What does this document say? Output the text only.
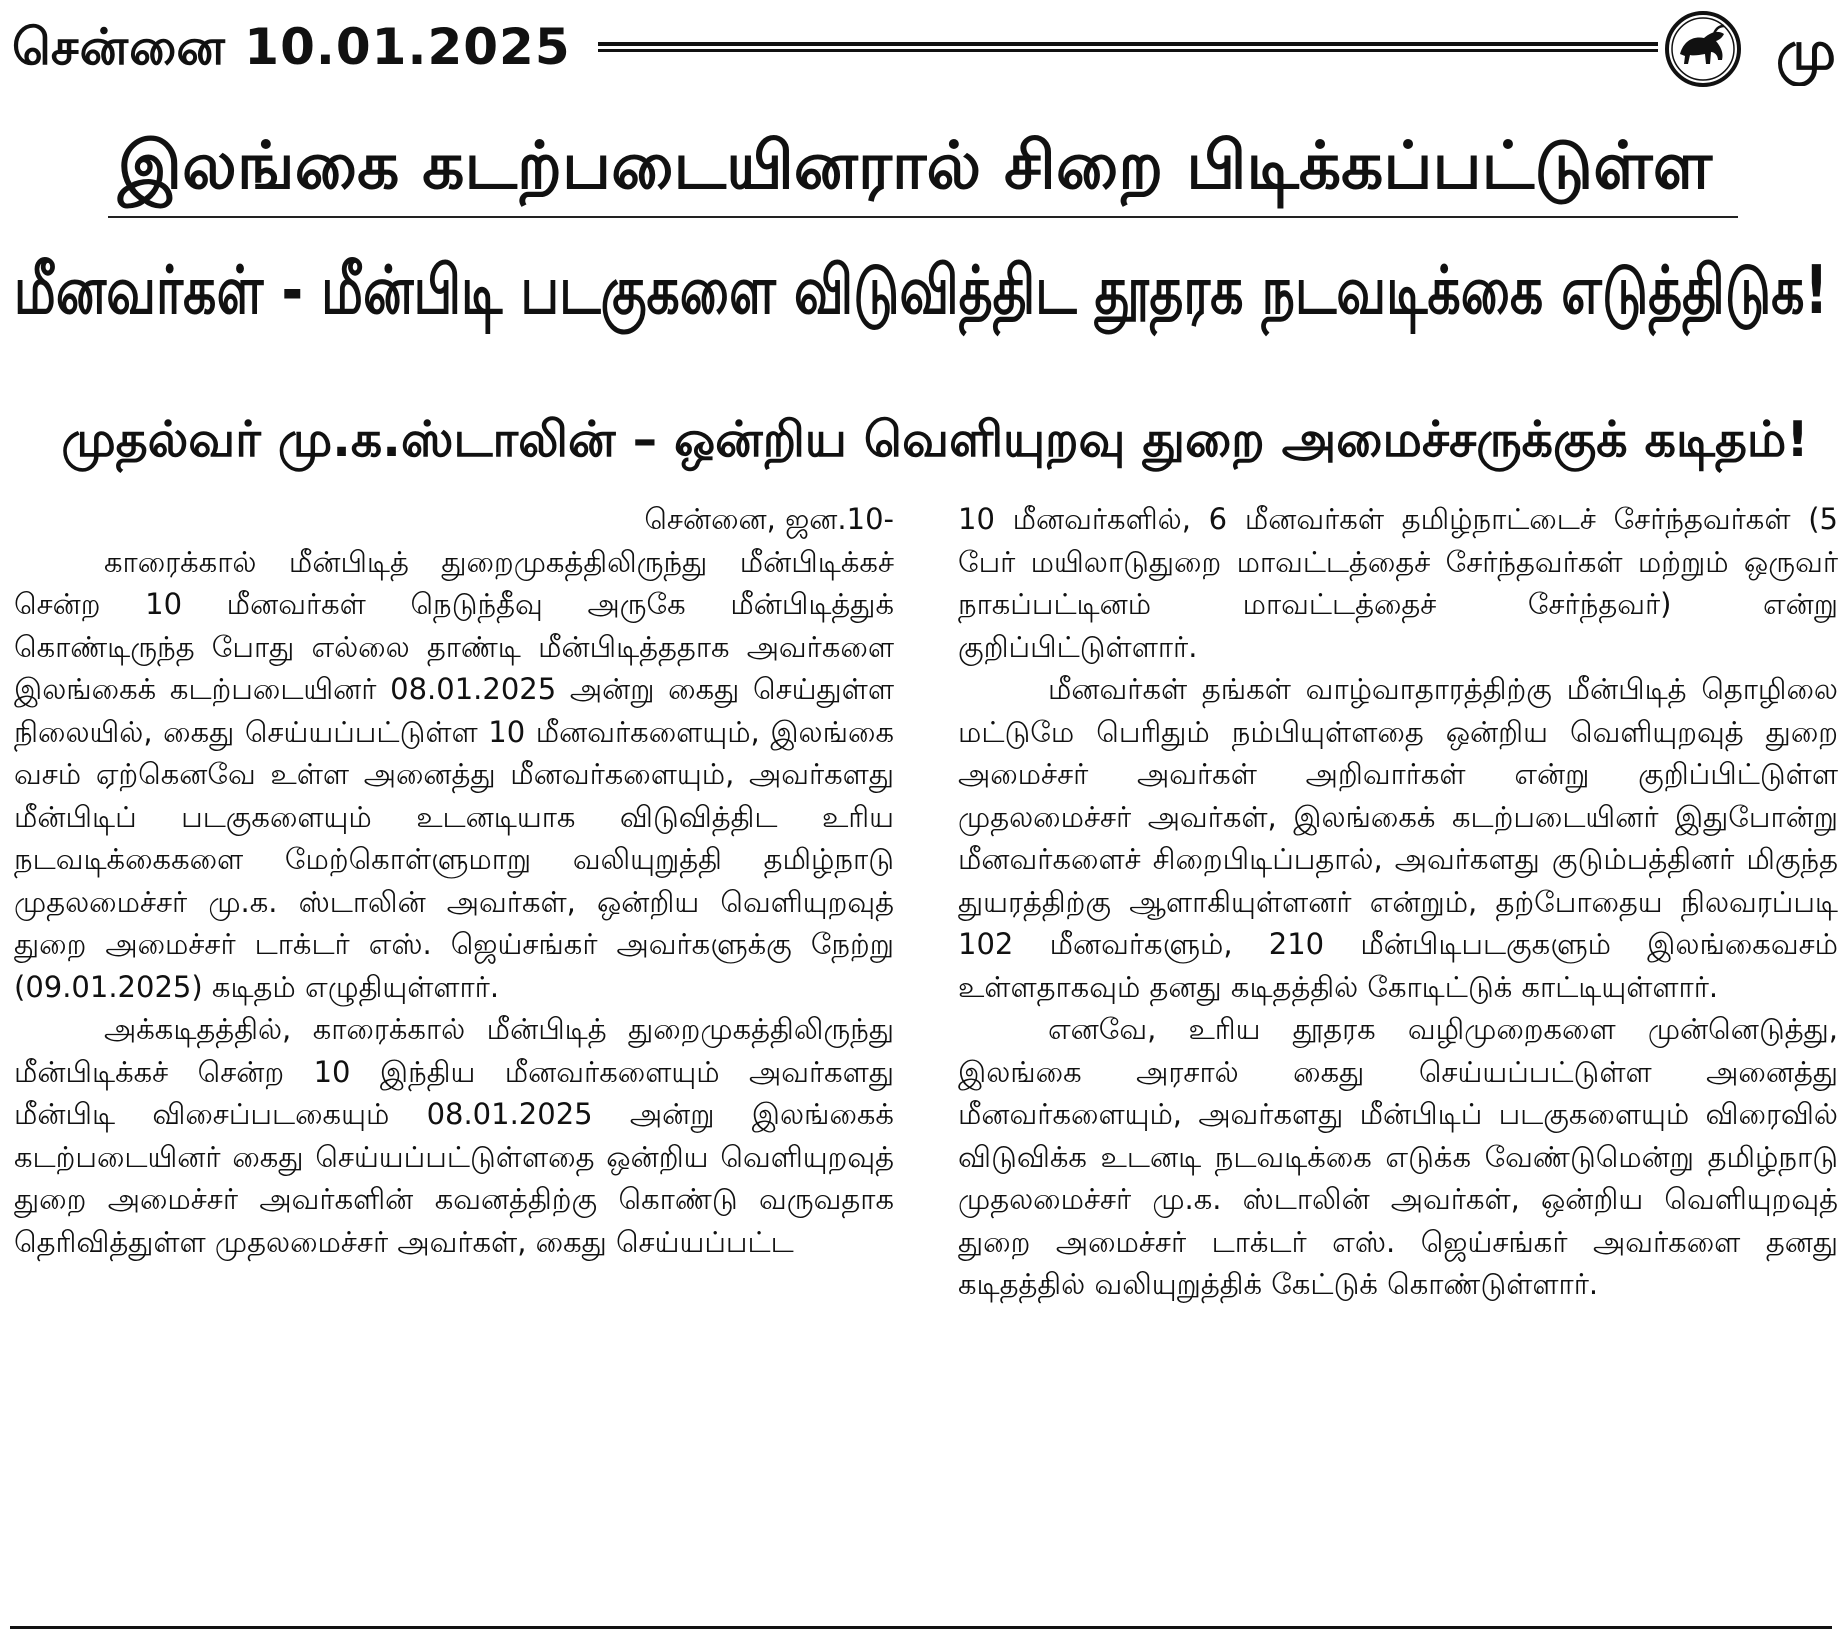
சென்னை 10.01.2025	மு
இலங்கை கடற்படையினரால் சிறை பிடிக்கப்பட்டுள்ள
மீனவர்கள் - மீன்பிடி படகுகளை விடுவித்திட தூதரக நடவடிக்கை எடுத்திடுக!
முதல்வர் மு.க.ஸ்டாலின் – ஒன்றிய வெளியுறவு துறை அமைச்சருக்குக் கடிதம்!

சென்னை, ஜன.10-

காரைக்கால் மீன்பிடித் துறைமுகத்திலிருந்து மீன்பிடிக்கச் சென்ற 10 மீனவர்கள் நெடுந்தீவு அருகே மீன்பிடித்துக் கொண்டிருந்த போது எல்லை தாண்டி மீன்பிடித்ததாக அவர்களை இலங்கைக் கடற்படையினர் 08.01.2025 அன்று கைது செய்துள்ள நிலையில், கைது செய்யப்பட்டுள்ள 10 மீனவர்களையும், இலங்கை வசம் ஏற்கெனவே உள்ள அனைத்து மீனவர்களையும், அவர்களது மீன்பிடிப் படகுகளையும் உடனடியாக விடுவித்திட உரிய நடவடிக்கைகளை மேற்கொள்ளுமாறு வலியுறுத்தி தமிழ்நாடு முதலமைச்சர் மு.க. ஸ்டாலின் அவர்கள், ஒன்றிய வெளியுறவுத் துறை அமைச்சர் டாக்டர் எஸ். ஜெய்சங்கர் அவர்களுக்கு நேற்று (09.01.2025) கடிதம் எழுதியுள்ளார்.

அக்கடிதத்தில், காரைக்கால் மீன்பிடித் துறைமுகத்திலிருந்து மீன்பிடிக்கச் சென்ற 10 இந்திய மீனவர்களையும் அவர்களது மீன்பிடி விசைப்படகையும் 08.01.2025 அன்று இலங்கைக் கடற்படையினர் கைது செய்யப்பட்டுள்ளதை ஒன்றிய வெளியுறவுத் துறை அமைச்சர் அவர்களின் கவனத்திற்கு கொண்டு வருவதாக தெரிவித்துள்ள முதலமைச்சர் அவர்கள், கைது செய்யப்பட்ட

10 மீனவர்களில், 6 மீனவர்கள் தமிழ்நாட்டைச் சேர்ந்தவர்கள் (5 பேர் மயிலாடுதுறை மாவட்டத்தைச் சேர்ந்தவர்கள் மற்றும் ஒருவர் நாகப்பட்டினம் மாவட்டத்தைச் சேர்ந்தவர்) என்று குறிப்பிட்டுள்ளார்.

மீனவர்கள் தங்கள் வாழ்வாதாரத்திற்கு மீன்பிடித் தொழிலை மட்டுமே பெரிதும் நம்பியுள்ளதை ஒன்றிய வெளியுறவுத் துறை அமைச்சர் அவர்கள் அறிவார்கள் என்று குறிப்பிட்டுள்ள முதலமைச்சர் அவர்கள், இலங்கைக் கடற்படையினர் இதுபோன்று மீனவர்களைச் சிறைபிடிப்பதால், அவர்களது குடும்பத்தினர் மிகுந்த துயரத்திற்கு ஆளாகியுள்ளனர் என்றும், தற்போதைய நிலவரப்படி 102 மீனவர்களும், 210 மீன்பிடிபடகுகளும் இலங்கைவசம் உள்ளதாகவும் தனது கடிதத்தில் கோடிட்டுக் காட்டியுள்ளார்.

எனவே, உரிய தூதரக வழிமுறைகளை முன்னெடுத்து, இலங்கை அரசால் கைது செய்யப்பட்டுள்ள அனைத்து மீனவர்களையும், அவர்களது மீன்பிடிப் படகுகளையும் விரைவில் விடுவிக்க உடனடி நடவடிக்கை எடுக்க வேண்டுமென்று தமிழ்நாடு முதலமைச்சர் மு.க. ஸ்டாலின் அவர்கள், ஒன்றிய வெளியுறவுத் துறை அமைச்சர் டாக்டர் எஸ். ஜெய்சங்கர் அவர்களை தனது கடிதத்தில் வலியுறுத்திக் கேட்டுக் கொண்டுள்ளார்.
